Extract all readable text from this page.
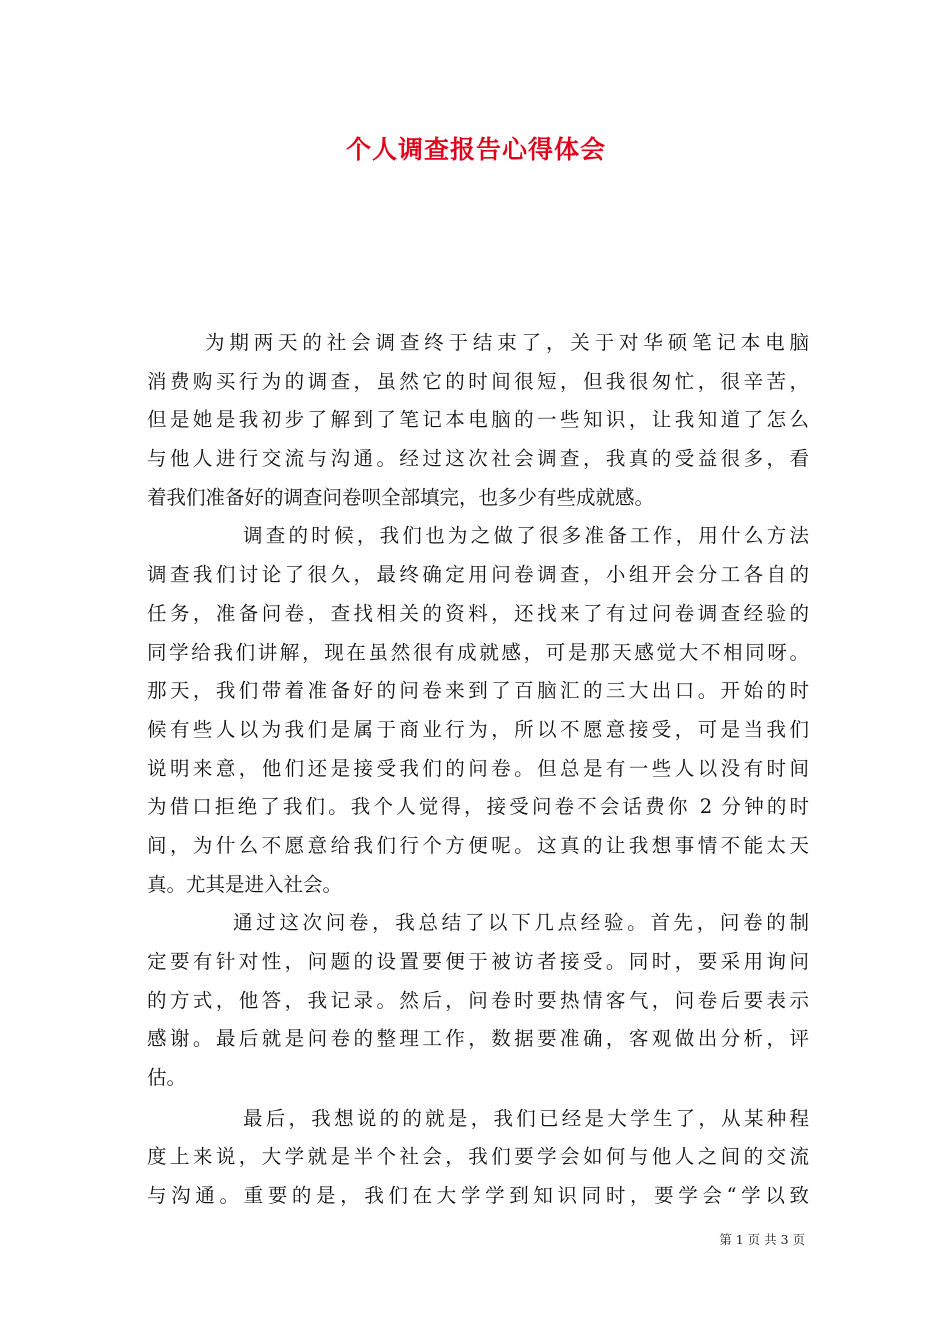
个人调查报告心得体会
为期两天的社会调查终于结束了，关于对华硕笔记本电脑
消费购买行为的调查，虽然它的时间很短，但我很匆忙，很辛苦，
但是她是我初步了解到了笔记本电脑的一些知识，让我知道了怎么
与他人进行交流与沟通。经过这次社会调查，我真的受益很多，看
着我们准备好的调查问卷呗全部填完，也多少有些成就感。
调查的时候，我们也为之做了很多准备工作，用什么方法
调查我们讨论了很久，最终确定用问卷调查，小组开会分工各自的
任务，准备问卷，查找相关的资料，还找来了有过问卷调查经验的
同学给我们讲解，现在虽然很有成就感，可是那天感觉大不相同呀。
那天，我们带着准备好的问卷来到了百脑汇的三大出口。开始的时
候有些人以为我们是属于商业行为，所以不愿意接受，可是当我们
说明来意，他们还是接受我们的问卷。但总是有一些人以没有时间
为借口拒绝了我们。我个人觉得，接受问卷不会话费你 2 分钟的时
间，为什么不愿意给我们行个方便呢。这真的让我想事情不能太天
真。尤其是进入社会。
通过这次问卷，我总结了以下几点经验。首先，问卷的制
定要有针对性，问题的设置要便于被访者接受。同时，要采用询问
的方式，他答，我记录。然后，问卷时要热情客气，问卷后要表示
感谢。最后就是问卷的整理工作，数据要准确，客观做出分析，评
估。
最后，我想说的的就是，我们已经是大学生了，从某种程
度上来说，大学就是半个社会，我们要学会如何与他人之间的交流
与沟通。重要的是，我们在大学学到知识同时，要学会“学以致
第 1 页 共 3 页
